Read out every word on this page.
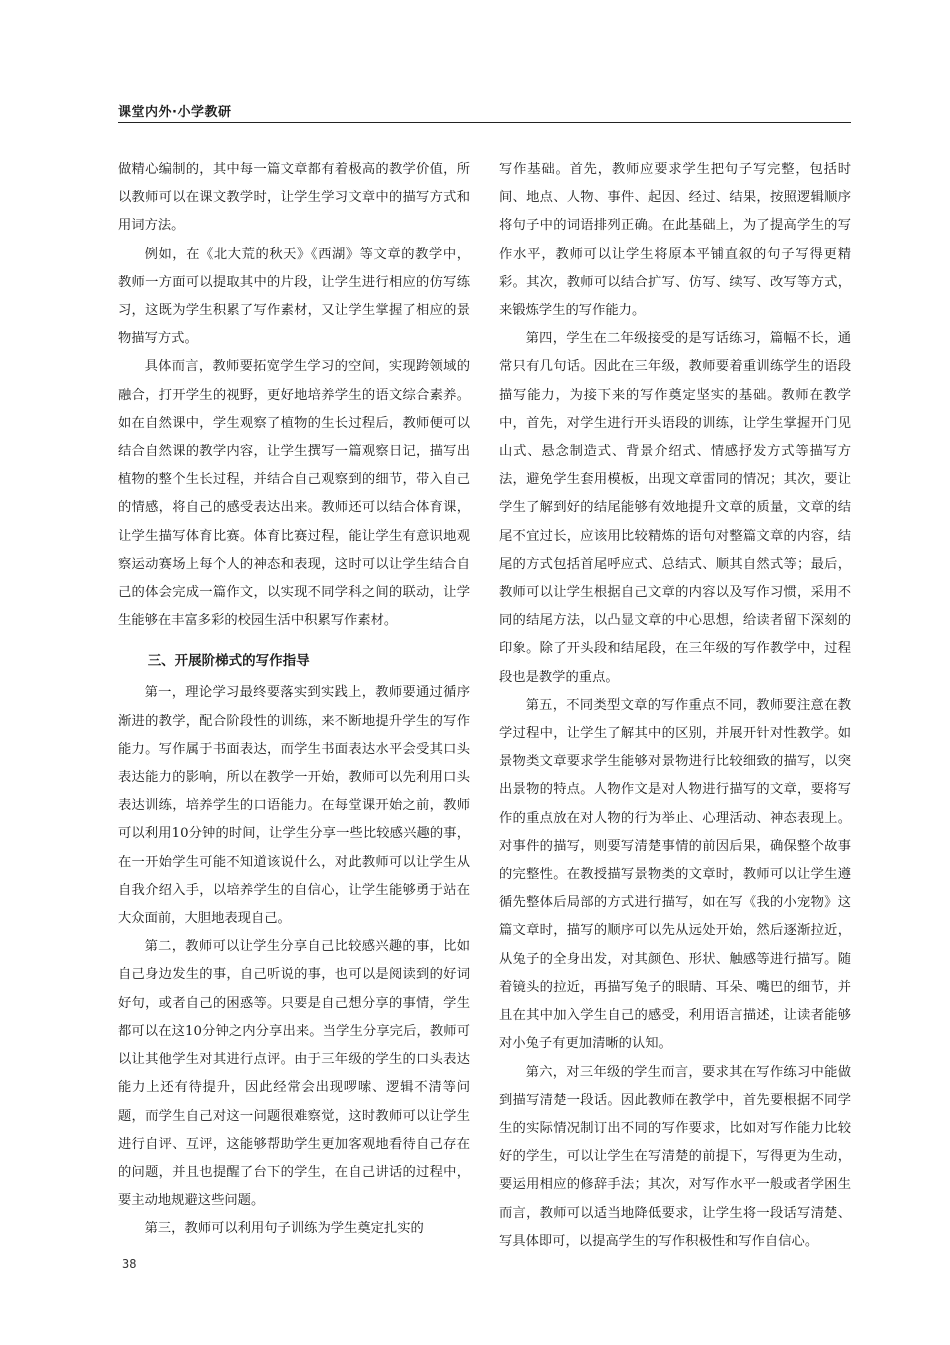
课堂内外·小学教研

做精心编制的，其中每一篇文章都有着极高的教学价值，所以教师可以在课文教学时，让学生学习文章中的描写方式和用词方法。

例如，在《北大荒的秋天》《西湖》等文章的教学中，教师一方面可以提取其中的片段，让学生进行相应的仿写练习，这既为学生积累了写作素材，又让学生掌握了相应的景物描写方式。

具体而言，教师要拓宽学生学习的空间，实现跨领域的融合，打开学生的视野，更好地培养学生的语文综合素养。如在自然课中，学生观察了植物的生长过程后，教师便可以结合自然课的教学内容，让学生撰写一篇观察日记，描写出植物的整个生长过程，并结合自己观察到的细节，带入自己的情感，将自己的感受表达出来。教师还可以结合体育课，让学生描写体育比赛。体育比赛过程，能让学生有意识地观察运动赛场上每个人的神态和表现，这时可以让学生结合自己的体会完成一篇作文，以实现不同学科之间的联动，让学生能够在丰富多彩的校园生活中积累写作素材。

三、开展阶梯式的写作指导

第一，理论学习最终要落实到实践上，教师要通过循序渐进的教学，配合阶段性的训练，来不断地提升学生的写作能力。写作属于书面表达，而学生书面表达水平会受其口头表达能力的影响，所以在教学一开始，教师可以先利用口头表达训练，培养学生的口语能力。在每堂课开始之前，教师可以利用10分钟的时间，让学生分享一些比较感兴趣的事，在一开始学生可能不知道该说什么，对此教师可以让学生从自我介绍入手，以培养学生的自信心，让学生能够勇于站在大众面前，大胆地表现自己。

第二，教师可以让学生分享自己比较感兴趣的事，比如自己身边发生的事，自己听说的事，也可以是阅读到的好词好句，或者自己的困惑等。只要是自己想分享的事情，学生都可以在这10分钟之内分享出来。当学生分享完后，教师可以让其他学生对其进行点评。由于三年级的学生的口头表达能力上还有待提升，因此经常会出现啰嗦、逻辑不清等问题，而学生自己对这一问题很难察觉，这时教师可以让学生进行自评、互评，这能够帮助学生更加客观地看待自己存在的问题，并且也提醒了台下的学生，在自己讲话的过程中，要主动地规避这些问题。

第三，教师可以利用句子训练为学生奠定扎实的

写作基础。首先，教师应要求学生把句子写完整，包括时间、地点、人物、事件、起因、经过、结果，按照逻辑顺序将句子中的词语排列正确。在此基础上，为了提高学生的写作水平，教师可以让学生将原本平铺直叙的句子写得更精彩。其次，教师可以结合扩写、仿写、续写、改写等方式，来锻炼学生的写作能力。

第四，学生在二年级接受的是写话练习，篇幅不长，通常只有几句话。因此在三年级，教师要着重训练学生的语段描写能力，为接下来的写作奠定坚实的基础。教师在教学中，首先，对学生进行开头语段的训练，让学生掌握开门见山式、悬念制造式、背景介绍式、情感抒发方式等描写方法，避免学生套用模板，出现文章雷同的情况；其次，要让学生了解到好的结尾能够有效地提升文章的质量，文章的结尾不宜过长，应该用比较精炼的语句对整篇文章的内容，结尾的方式包括首尾呼应式、总结式、顺其自然式等；最后，教师可以让学生根据自己文章的内容以及写作习惯，采用不同的结尾方法，以凸显文章的中心思想，给读者留下深刻的印象。除了开头段和结尾段，在三年级的写作教学中，过程段也是教学的重点。

第五，不同类型文章的写作重点不同，教师要注意在教学过程中，让学生了解其中的区别，并展开针对性教学。如景物类文章要求学生能够对景物进行比较细致的描写，以突出景物的特点。人物作文是对人物进行描写的文章，要将写作的重点放在对人物的行为举止、心理活动、神态表现上。对事件的描写，则要写清楚事情的前因后果，确保整个故事的完整性。在教授描写景物类的文章时，教师可以让学生遵循先整体后局部的方式进行描写，如在写《我的小宠物》这篇文章时，描写的顺序可以先从远处开始，然后逐渐拉近，从兔子的全身出发，对其颜色、形状、触感等进行描写。随着镜头的拉近，再描写兔子的眼睛、耳朵、嘴巴的细节，并且在其中加入学生自己的感受，利用语言描述，让读者能够对小兔子有更加清晰的认知。

第六，对三年级的学生而言，要求其在写作练习中能做到描写清楚一段话。因此教师在教学中，首先要根据不同学生的实际情况制订出不同的写作要求，比如对写作能力比较好的学生，可以让学生在写清楚的前提下，写得更为生动，要运用相应的修辞手法；其次，对写作水平一般或者学困生而言，教师可以适当地降低要求，让学生将一段话写清楚、写具体即可，以提高学生的写作积极性和写作自信心。

38
